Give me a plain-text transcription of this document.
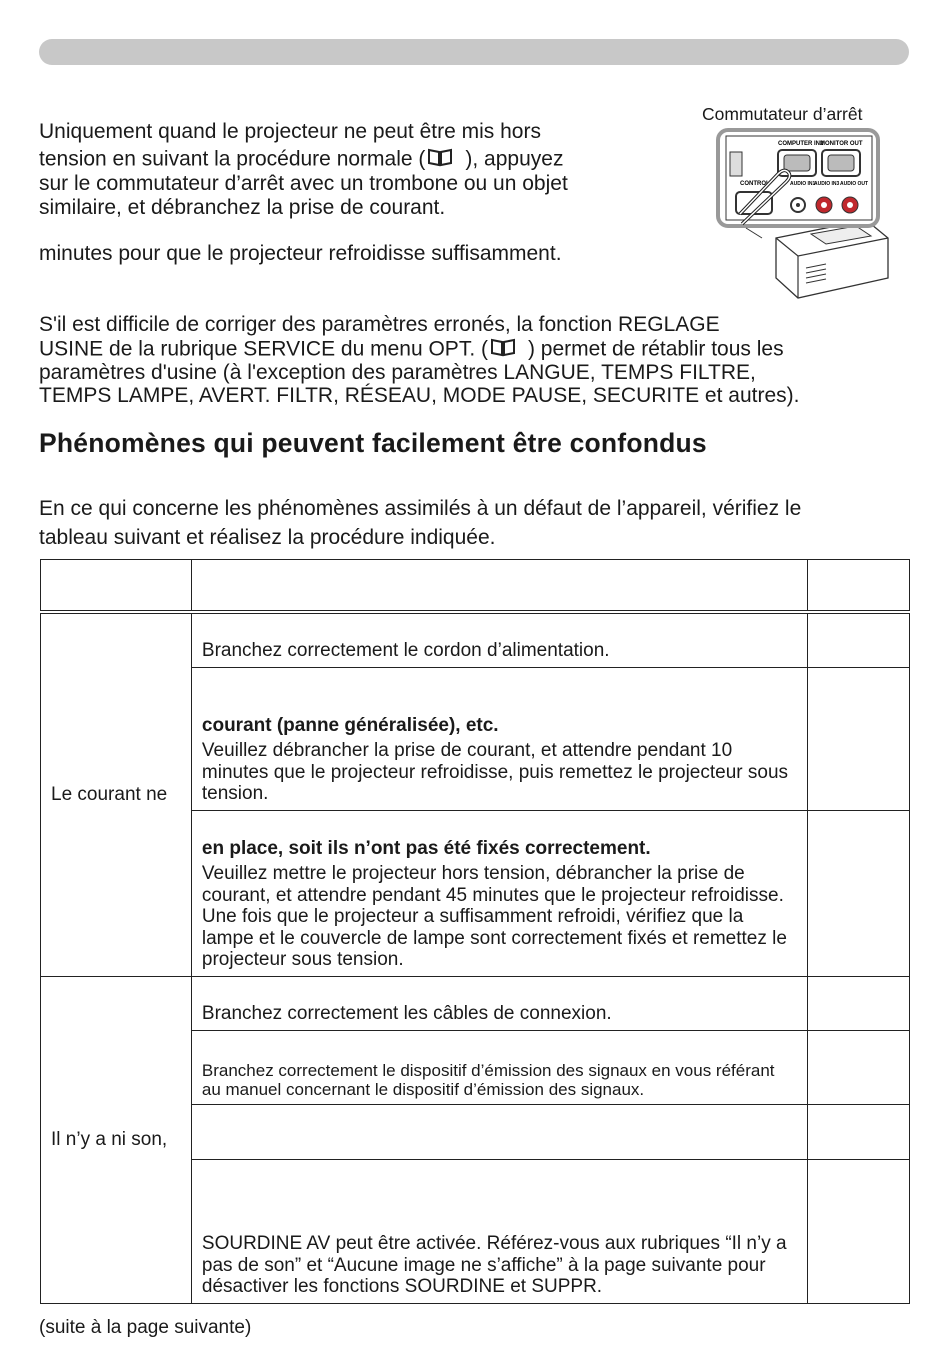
Uniquement quand le projecteur ne peut être mis hors

tension en suivant la procédure normale ( ), appuyez

sur le commutateur d’arrêt avec un trombone ou un objet

similaire, et débranchez la prise de courant.

minutes pour que le projecteur refroidisse suffisamment.

Commutateur d’arrêt
COMPUTER IN2
MONITOR OUT
CONTROL	AUDIO IN1
AUDIO IN3 AUDIO OUT

S'il est difficile de corriger des paramètres erronés, la fonction REGLAGE

USINE de la rubrique SERVICE du menu OPT. ( ) permet de rétablir tous les

paramètres d'usine (à l'exception des paramètres LANGUE, TEMPS FILTRE,

TEMPS LAMPE, AVERT. FILTR, RÉSEAU, MODE PAUSE, SECURITE et autres).

Phénomènes qui peuvent facilement être confondus

En ce qui concerne les phénomènes assimilés à un défaut de l’appareil, vérifiez le

tableau suivant et réalisez la procédure indiquée.

Le courant ne	Branchez correctement le cordon d’alimentation.	

	courant (panne généralisée), etc.
Veuillez débrancher la prise de courant, et attendre pendant 10 minutes que le projecteur refroidisse, puis remettez le projecteur sous tension.	

	en place, soit ils n’ont pas été fixés correctement.
Veuillez mettre le projecteur hors tension, débrancher la prise de courant, et attendre pendant 45 minutes que le projecteur refroidisse. Une fois que le projecteur a suffisamment refroidi, vérifiez que la lampe et le couvercle de lampe sont correctement fixés et remettez le projecteur sous tension.	

Il n’y a ni son,	Branchez correctement les câbles de connexion.	

	Branchez correctement le dispositif d’émission des signaux en vous référant au manuel concernant le dispositif d’émission des signaux.	

	SOURDINE AV peut être activée. Référez-vous aux rubriques “Il n’y a pas de son” et “Aucune image ne s’affiche” à la page suivante pour désactiver les fonctions SOURDINE et SUPPR.	

(suite à la page suivante)
